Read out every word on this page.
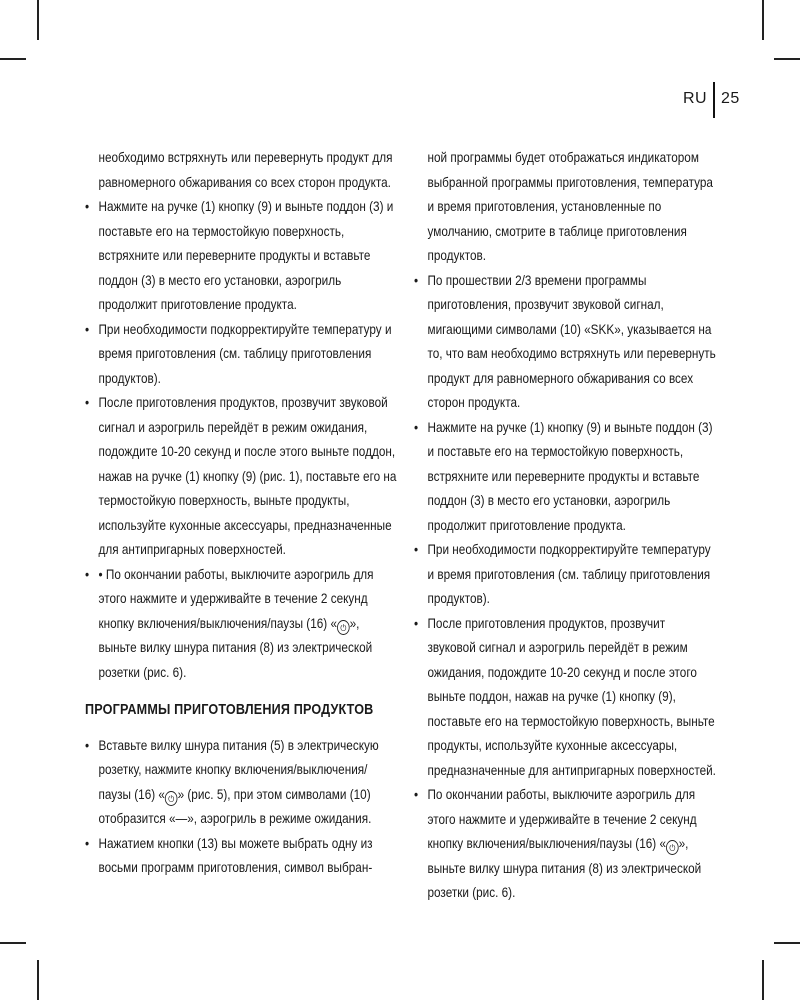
RU 25

необходимо встряхнуть или перевернуть продукт для равномерного обжаривания со всех сторон продукта.

• Нажмите на ручке (1) кнопку (9) и выньте поддон (3) и поставьте его на термостойкую поверхность, встряхните или переверните продукты и вставьте поддон (3) в место его установки, аэрогриль продолжит приготовление продукта.
• При необходимости подкорректируйте температуру и время приготовления (см. таблицу приготовления продуктов).
• После приготовления продуктов, прозвучит звуковой сигнал и аэрогриль перейдёт в режим ожидания, подождите 10-20 секунд и после этого выньте поддон, нажав на ручке (1) кнопку (9) (рис. 1), поставьте его на термостойкую поверхность, выньте продукты, используйте кухонные аксессуары, предназначенные для антипригарных поверхностей.
• • По окончании работы, выключите аэрогриль для этого нажмите и удерживайте в течение 2 секунд кнопку включения/выключения/паузы (16) « ⏻ », выньте вилку шнура питания (8) из электрической розетки (рис. 6).
ПРОГРАММЫ ПРИГОТОВЛЕНИЯ ПРОДУКТОВ
• Вставьте вилку шнура питания (5) в электрическую розетку, нажмите кнопку включения/выключения/паузы (16) « ⏻ » (рис. 5), при этом символами (10) отобразится «—», аэрогриль в режиме ожидания.
• Нажатием кнопки (13) вы можете выбрать одну из восьми программ приготовления, символ выбран-

ной программы будет отображаться индикатором выбранной программы приготовления, температура и время приготовления, установленные по умолчанию, смотрите в таблице приготовления продуктов.

• По прошествии 2/3 времени программы приготовления, прозвучит звуковой сигнал, мигающими символами (10) «SKK», указывается на то, что вам необходимо встряхнуть или перевернуть продукт для равномерного обжаривания со всех сторон продукта.
• Нажмите на ручке (1) кнопку (9) и выньте поддон (3) и поставьте его на термостойкую поверхность, встряхните или переверните продукты и вставьте поддон (3) в место его установки, аэрогриль продолжит приготовление продукта.
• При необходимости подкорректируйте температуру и время приготовления (см. таблицу приготовления продуктов).
• После приготовления продуктов, прозвучит звуковой сигнал и аэрогриль перейдёт в режим ожидания, подождите 10-20 секунд и после этого выньте поддон, нажав на ручке (1) кнопку (9), поставьте его на термостойкую поверхность, выньте продукты, используйте кухонные аксессуары, предназначенные для антипригарных поверхностей.
• По окончании работы, выключите аэрогриль для этого нажмите и удерживайте в течение 2 секунд кнопку включения/выключения/паузы (16) « ⏻ », выньте вилку шнура питания (8) из электрической розетки (рис. 6).
